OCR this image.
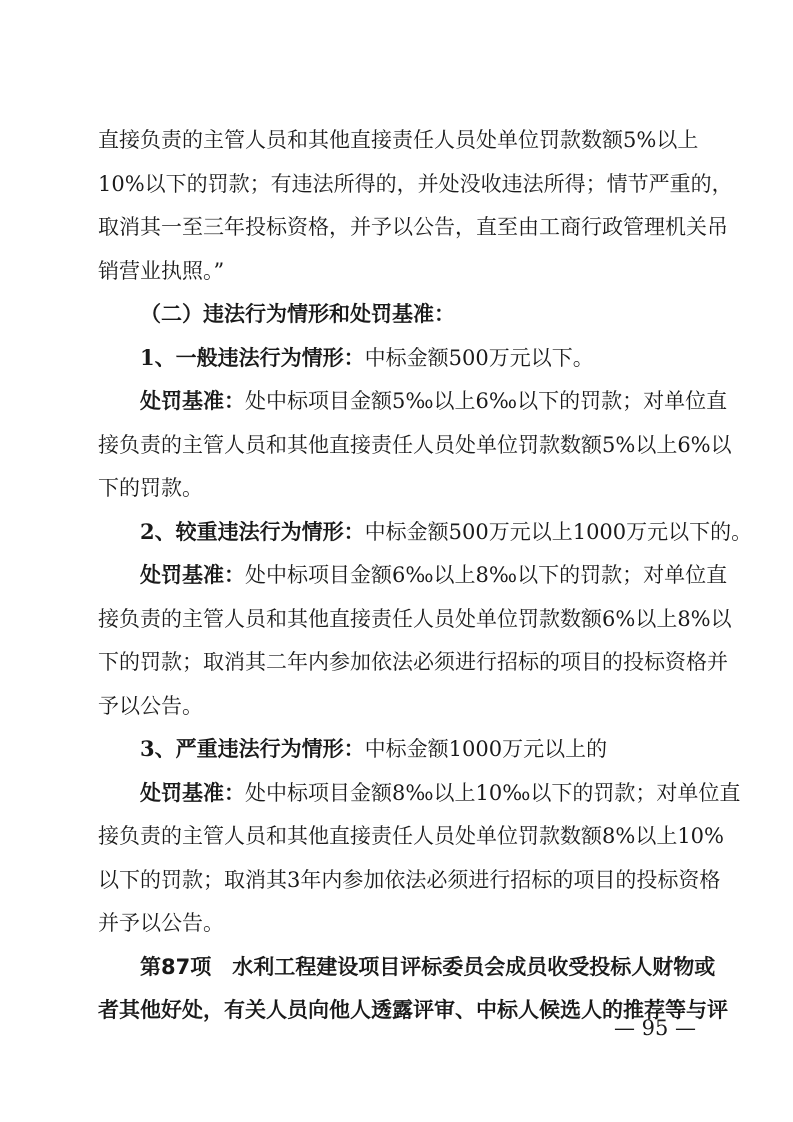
直接负责的主管人员和其他直接责任人员处单位罚款数额5%以上
10%以下的罚款；有违法所得的，并处没收违法所得；情节严重的，
取消其一至三年投标资格，并予以公告，直至由工商行政管理机关吊
销营业执照。”
（二）违法行为情形和处罚基准：
1、一般违法行为情形：中标金额500万元以下。
处罚基准：处中标项目金额5‰以上6‰以下的罚款；对单位直
接负责的主管人员和其他直接责任人员处单位罚款数额5%以上6%以
下的罚款。
2、较重违法行为情形：中标金额500万元以上1000万元以下的。
处罚基准：处中标项目金额6‰以上8‰以下的罚款；对单位直
接负责的主管人员和其他直接责任人员处单位罚款数额6%以上8%以
下的罚款；取消其二年内参加依法必须进行招标的项目的投标资格并
予以公告。
3、严重违法行为情形：中标金额1000万元以上的
处罚基准：处中标项目金额8‰以上10‰以下的罚款；对单位直
接负责的主管人员和其他直接责任人员处单位罚款数额8%以上10%
以下的罚款；取消其3年内参加依法必须进行招标的项目的投标资格
并予以公告。
第87项　水利工程建设项目评标委员会成员收受投标人财物或
者其他好处，有关人员向他人透露评审、中标人候选人的推荐等与评
— 95 —
